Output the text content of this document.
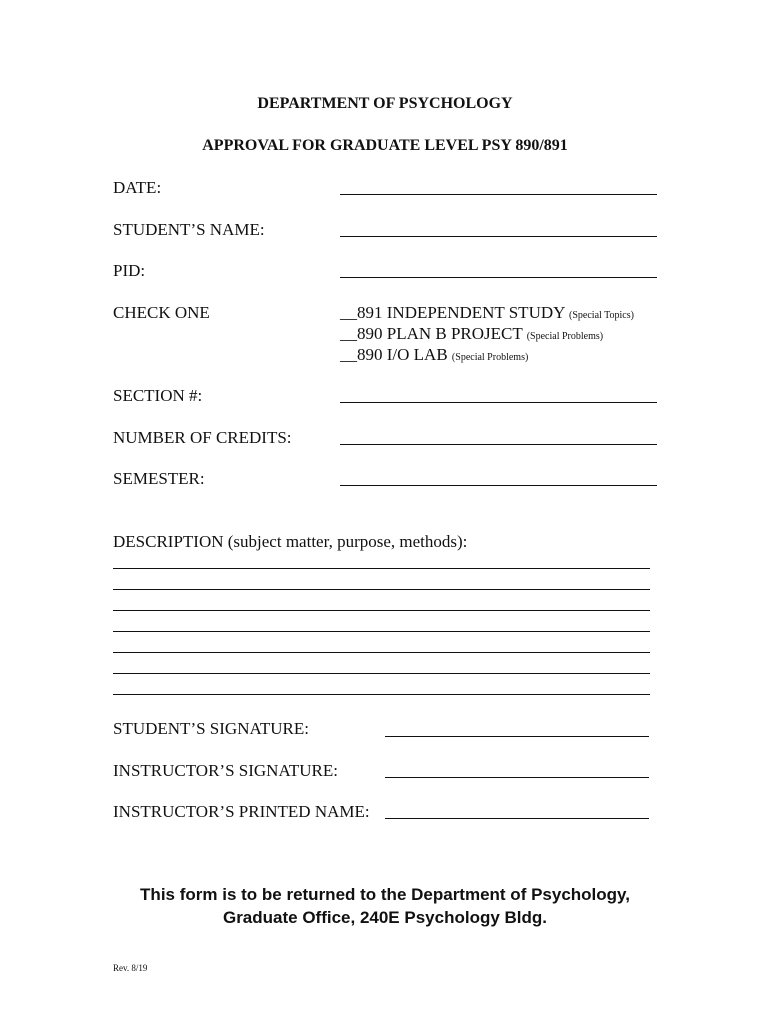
DEPARTMENT OF PSYCHOLOGY
APPROVAL FOR GRADUATE LEVEL PSY 890/891
DATE:
STUDENT’S NAME:
PID:
CHECK ONE	__891 INDEPENDENT STUDY (Special Topics)
__890 PLAN B PROJECT (Special Problems)
__890 I/O LAB (Special Problems)
SECTION #:
NUMBER OF CREDITS:
SEMESTER:
DESCRIPTION (subject matter, purpose, methods):
STUDENT’S SIGNATURE:
INSTRUCTOR’S SIGNATURE:
INSTRUCTOR’S PRINTED NAME:
This form is to be returned to the Department of Psychology,
Graduate Office, 240E Psychology Bldg.
Rev. 8/19
